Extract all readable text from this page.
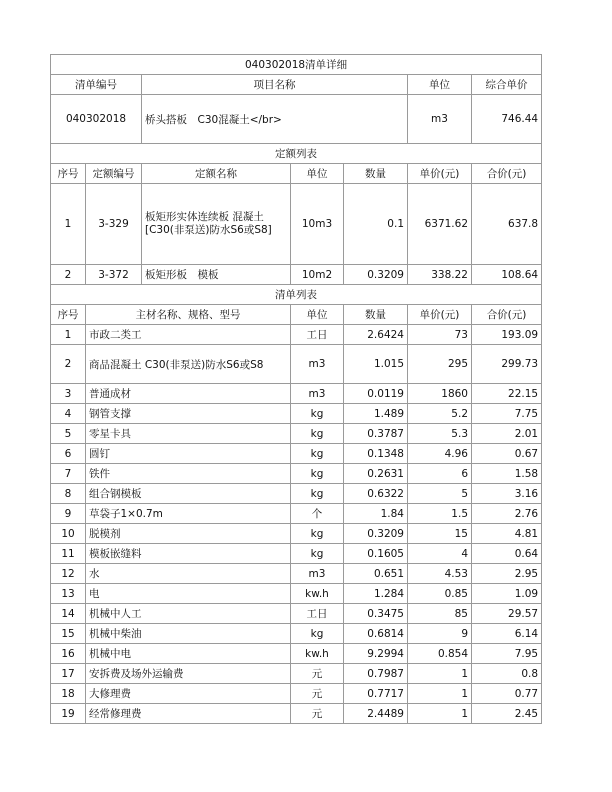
040302018清单详细						
清单编号		项目名称			单位	综合单价
040302018		桥头搭板　C30混凝土</br>			m3	746.44
定额列表						
序号	定额编号	定额名称	单位	数量	单价(元)	合价(元)
1	3-329	板矩形实体连续板 混凝土[C30(非泵送)防水S6或S8]	10m3	0.1	6371.62	637.8
2	3-372	板矩形板　模板	10m2	0.3209	338.22	108.64
清单列表						
序号	主材名称、规格、型号		单位	数量	单价(元)	合价(元)
1	市政二类工		工日	2.6424	73	193.09
2	商品混凝土 C30(非泵送)防水S6或S8		m3	1.015	295	299.73
3	普通成材		m3	0.0119	1860	22.15
4	钢管支撑		kg	1.489	5.2	7.75
5	零星卡具		kg	0.3787	5.3	2.01
6	圆钉		kg	0.1348	4.96	0.67
7	铁件		kg	0.2631	6	1.58
8	组合钢模板		kg	0.6322	5	3.16
9	草袋子1×0.7m		个	1.84	1.5	2.76
10	脱模剂		kg	0.3209	15	4.81
11	模板嵌缝料		kg	0.1605	4	0.64
12	水		m3	0.651	4.53	2.95
13	电		kw.h	1.284	0.85	1.09
14	机械中人工		工日	0.3475	85	29.57
15	机械中柴油		kg	0.6814	9	6.14
16	机械中电		kw.h	9.2994	0.854	7.95
17	安拆费及场外运输费		元	0.7987	1	0.8
18	大修理费		元	0.7717	1	0.77
19	经常修理费		元	2.4489	1	2.45
